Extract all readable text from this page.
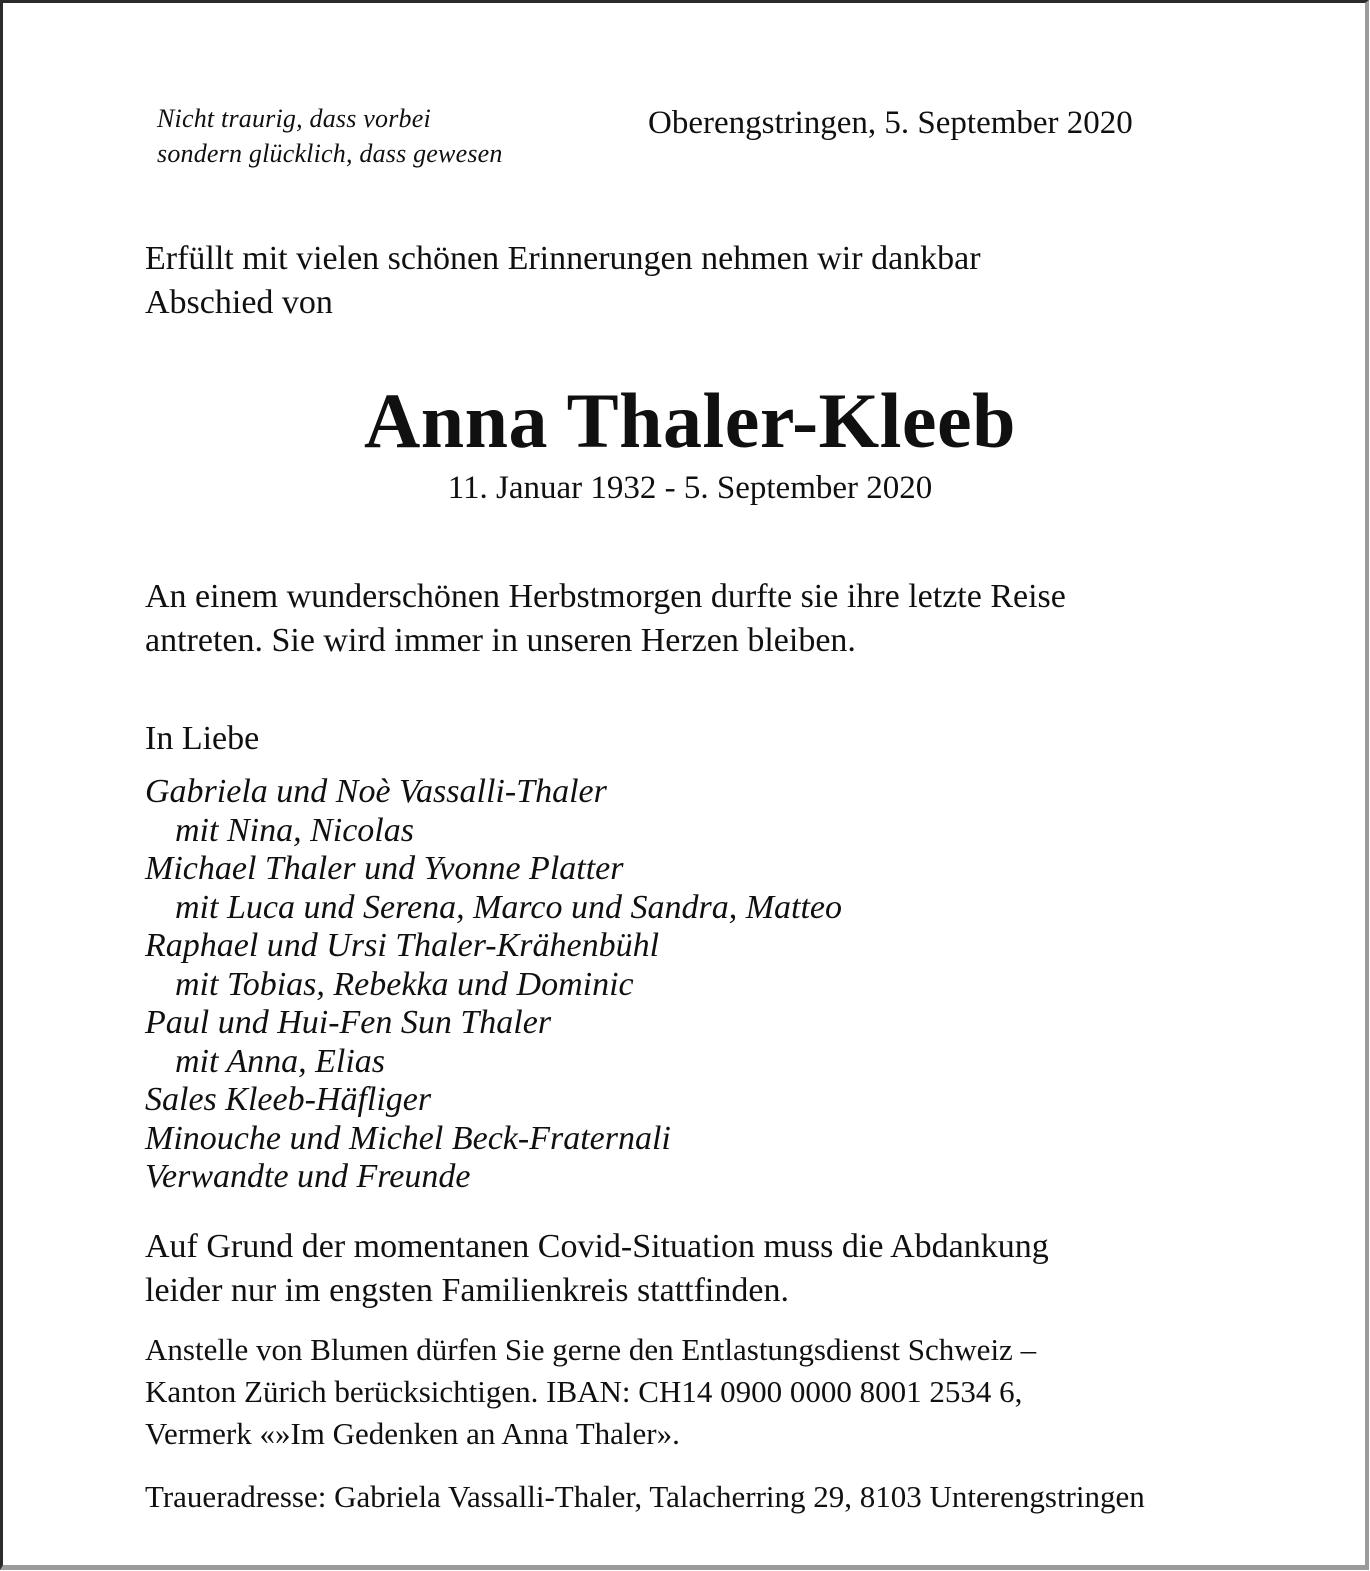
Nicht traurig, dass vorbei
sondern glücklich, dass gewesen
Oberengstringen, 5. September 2020
Erfüllt mit vielen schönen Erinnerungen nehmen wir dankbar
Abschied von
Anna Thaler-Kleeb
11. Januar 1932 - 5. September 2020
An einem wunderschönen Herbstmorgen durfte sie ihre letzte Reise
antreten. Sie wird immer in unseren Herzen bleiben.
In Liebe
Gabriela und Noè Vassalli-Thaler
mit Nina, Nicolas
Michael Thaler und Yvonne Platter
mit Luca und Serena, Marco und Sandra, Matteo
Raphael und Ursi Thaler-Krähenbühl
mit Tobias, Rebekka und Dominic
Paul und Hui-Fen Sun Thaler
mit Anna, Elias
Sales Kleeb-Häfliger
Minouche und Michel Beck-Fraternali
Verwandte und Freunde
Auf Grund der momentanen Covid-Situation muss die Abdankung
leider nur im engsten Familienkreis stattfinden.
Anstelle von Blumen dürfen Sie gerne den Entlastungsdienst Schweiz –
Kanton Zürich berücksichtigen. IBAN: CH14 0900 0000 8001 2534 6,
Vermerk «»Im Gedenken an Anna Thaler».
Traueradresse: Gabriela Vassalli-Thaler, Talacherring 29, 8103 Unterengstringen
